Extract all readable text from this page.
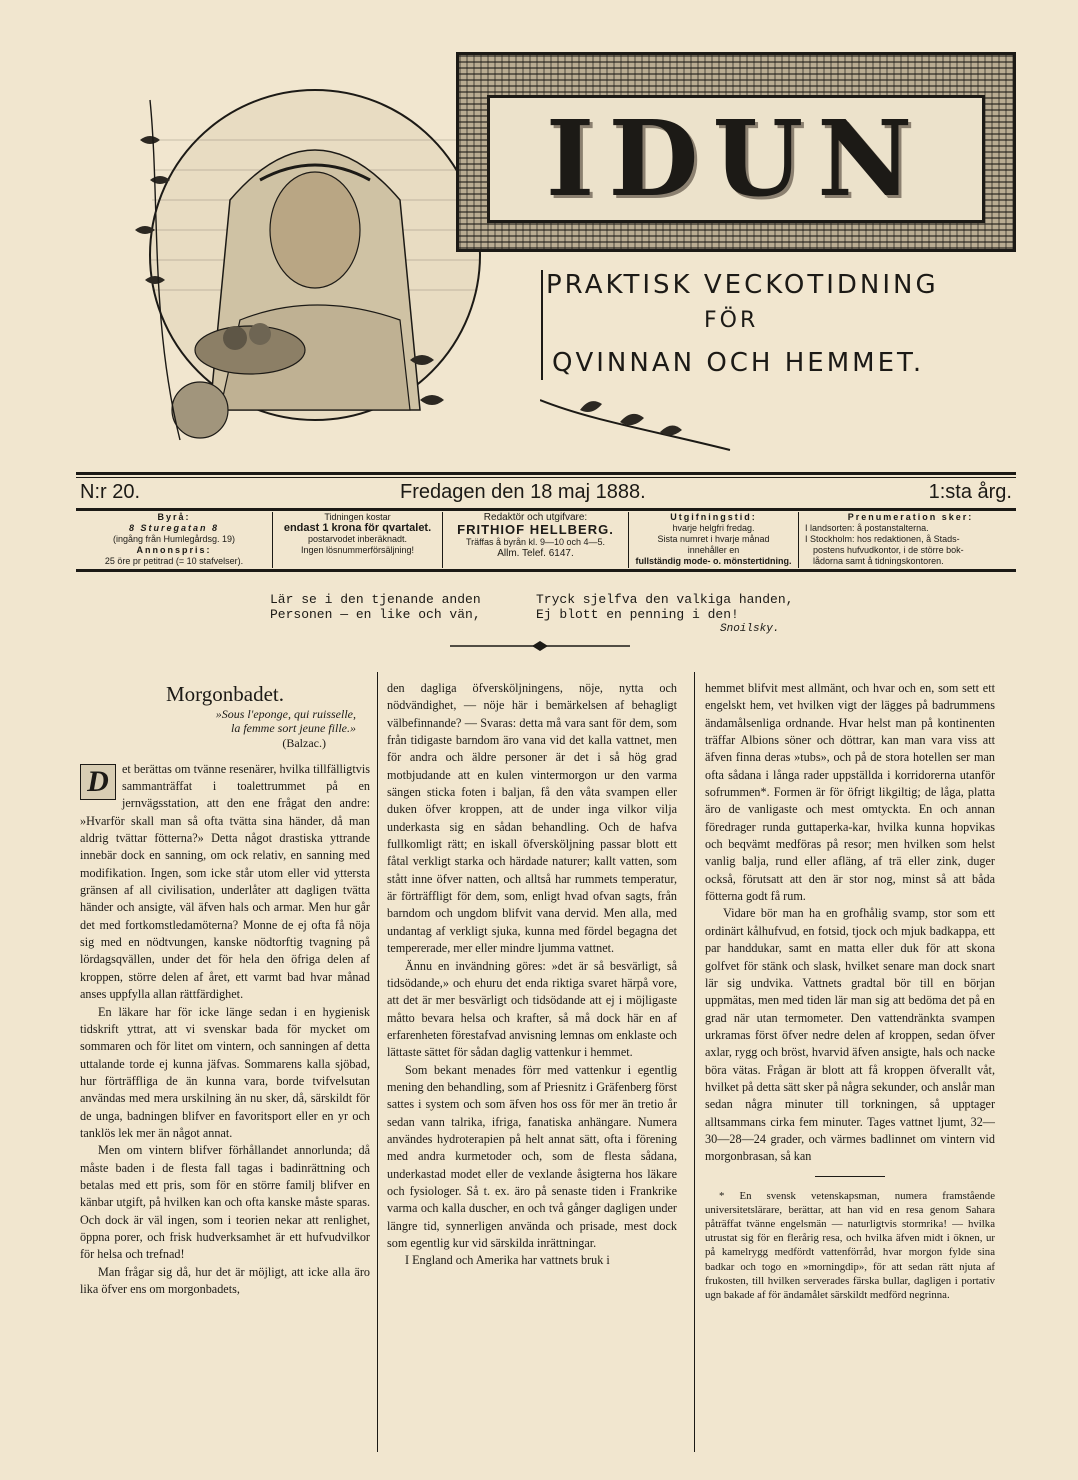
IDUN
PRAKTISK VECKOTIDNING
FÖR
QVINNAN OCH HEMMET.
N:r 20.	Fredagen den 18 maj 1888.	1:sta årg.
Byrå:
8 Sturegatan 8
(ingång från Humlegårdsg. 19)
Annonspris:
25 öre pr petitrad (= 10 stafvelser).
Tidningen kostar
endast 1 krona för qvartalet.
postarvodet inberäknadt.
Ingen lösnummerförsäljning!
Redaktör och utgifvare:
FRITHIOF HELLBERG.
Träffas å byrån kl. 9—10 och 4—5.
Allm. Telef. 6147.
Utgifningstid:
hvarje helgfri fredag.
Sista numret i hvarje månad
innehåller en
fullständig mode- o. mönstertidning.
Prenumeration sker:
I landsorten: å postanstalterna.
I Stockholm: hos redaktionen, å Stads-
postens hufvudkontor, i de större bok-
lådorna samt å tidningskontoren.
Lär se i den tjenande anden
Personen — en like och vän,
Tryck sjelfva den valkiga handen,
Ej blott en penning i den!
Snoilsky.
Morgonbadet.
»Sous l'eponge, qui ruisselle,
la femme sort jeune fille.»
(Balzac.)

D	et berättas om tvänne resenärer, hvilka tillfälligtvis sammanträffat i toalettrummet på en jernvägsstation, att den ene frågat den andre: »Hvarför skall man så ofta tvätta sina händer, då man aldrig tvättar fötterna?» Detta något drastiska yttrande innebär dock en sanning, om ock relativ, en sanning med modifikation. Ingen, som icke står utom eller vid yttersta gränsen af all civilisation, underlåter att dagligen tvätta händer och ansigte, väl äfven hals och armar. Men hur går det med fortkomstledamöterna? Monne de ej ofta få nöja sig med en nödtvungen, kanske nödtorftig tvagning på lördagsqvällen, under det för hela den öfriga delen af kroppen, större delen af året, ett varmt bad hvar månad anses uppfylla allan rättfärdighet.

En läkare har för icke länge sedan i en hygienisk tidskrift yttrat, att vi svenskar bada för mycket om sommaren och för litet om vintern, och sanningen af detta uttalande torde ej kunna jäfvas. Sommarens kalla sjöbad, hur förträffliga de än kunna vara, borde tvifvelsutan användas med mera urskilning än nu sker, då, särskildt för de unga, badningen blifver en favoritsport eller en yr och tanklös lek mer än något annat.

Men om vintern blifver förhållandet annorlunda; då måste baden i de flesta fall tagas i badinrättning och betalas med ett pris, som för en större familj blifver en känbar utgift, på hvilken kan och ofta kanske måste sparas. Och dock är väl ingen, som i teorien nekar att renlighet, öppna porer, och frisk hudverksamhet är ett hufvudvilkor för helsa och trefnad!

Man frågar sig då, hur det är möjligt, att icke alla äro lika öfver ens om morgonbadets,

den dagliga öfversköljningens, nöje, nytta och nödvändighet, — nöje här i bemärkelsen af behagligt välbefinnande? — Svaras: detta må vara sant för dem, som från tidigaste barndom äro vana vid det kalla vattnet, men för andra och äldre personer är det i så hög grad motbjudande att en kulen vintermorgon ur den varma sängen sticka foten i baljan, få den våta svampen eller duken öfver kroppen, att de under inga vilkor vilja underkasta sig en sådan behandling. Och de hafva fullkomligt rätt; en iskall öfversköljning passar blott ett fåtal verkligt starka och härdade naturer; kallt vatten, som stått inne öfver natten, och alltså har rummets temperatur, är förträffligt för dem, som, enligt hvad ofvan sagts, från barndom och ungdom blifvit vana dervid. Men alla, med undantag af verkligt sjuka, kunna med fördel begagna det tempererade, mer eller mindre ljumma vattnet.

Ännu en invändning göres: »det är så besvärligt, så tidsödande,» och ehuru det enda riktiga svaret härpå vore, att det är mer besvärligt och tidsödande att ej i möjligaste måtto bevara helsa och krafter, så må dock här en af erfarenheten förestafvad anvisning lemnas om enklaste och lättaste sättet för sådan daglig vattenkur i hemmet.

Som bekant menades förr med vattenkur i egentlig mening den behandling, som af Priesnitz i Gräfenberg först sattes i system och som äfven hos oss för mer än tretio år sedan vann talrika, ifriga, fanatiska anhängare. Numera användes hydroterapien på helt annat sätt, ofta i förening med andra kurmetoder och, som de flesta sådana, underkastad modet eller de vexlande åsigterna hos läkare och fysiologer. Så t. ex. äro på senaste tiden i Frankrike varma och kalla duscher, en och två gånger dagligen under längre tid, synnerligen använda och prisade, mest dock som egentlig kur vid särskilda inrättningar.

I England och Amerika har vattnets bruk i

hemmet blifvit mest allmänt, och hvar och en, som sett ett engelskt hem, vet hvilken vigt der lägges på badrummens ändamålsenliga ordnande. Hvar helst man på kontinenten träffar Albions söner och döttrar, kan man vara viss att äfven finna deras »tubs», och på de stora hotellen ser man ofta sådana i långa rader uppställda i korridorerna utanför sofrummen*. Formen är för öfrigt likgiltig; de låga, platta äro de vanligaste och mest omtyckta. En och annan föredrager runda guttaperka-kar, hvilka kunna hopvikas och beqvämt medföras på resor; men hvilken som helst vanlig balja, rund eller afläng, af trä eller zink, duger också, förutsatt att den är stor nog, minst så att båda fötterna godt få rum.

Vidare bör man ha en grofhålig svamp, stor som ett ordinärt kålhufvud, en fotsid, tjock och mjuk badkappa, ett par handdukar, samt en matta eller duk för att skona golfvet för stänk och slask, hvilket senare man dock snart lär sig undvika. Vattnets gradtal bör till en början uppmätas, men med tiden lär man sig att bedöma det på en grad när utan termometer. Den vattendränkta svampen urkramas först öfver nedre delen af kroppen, sedan öfver axlar, rygg och bröst, hvarvid äfven ansigte, hals och nacke böra vätas. Frågan är blott att få kroppen öfverallt våt, hvilket på detta sätt sker på några sekunder, och anslår man sedan några minuter till torkningen, så upptager alltsammans cirka fem minuter. Tages vattnet ljumt, 32—30—28—24 grader, och värmes badlinnet om vintern vid morgonbrasan, så kan

* En svensk vetenskapsman, numera framstående universitetslärare, berättar, att han vid en resa genom Sahara påträffat tvänne engelsmän — naturligtvis stormrika! — hvilka utrustat sig för en flerårig resa, och hvilka äfven midt i öknen, ur på kamelrygg medfördt vattenförråd, hvar morgon fylde sina badkar och togo en »morningdip», för att sedan rätt njuta af frukosten, till hvilken serverades färska bullar, dagligen i portativ ugn bakade af för ändamålet särskildt medförd negrinna.
